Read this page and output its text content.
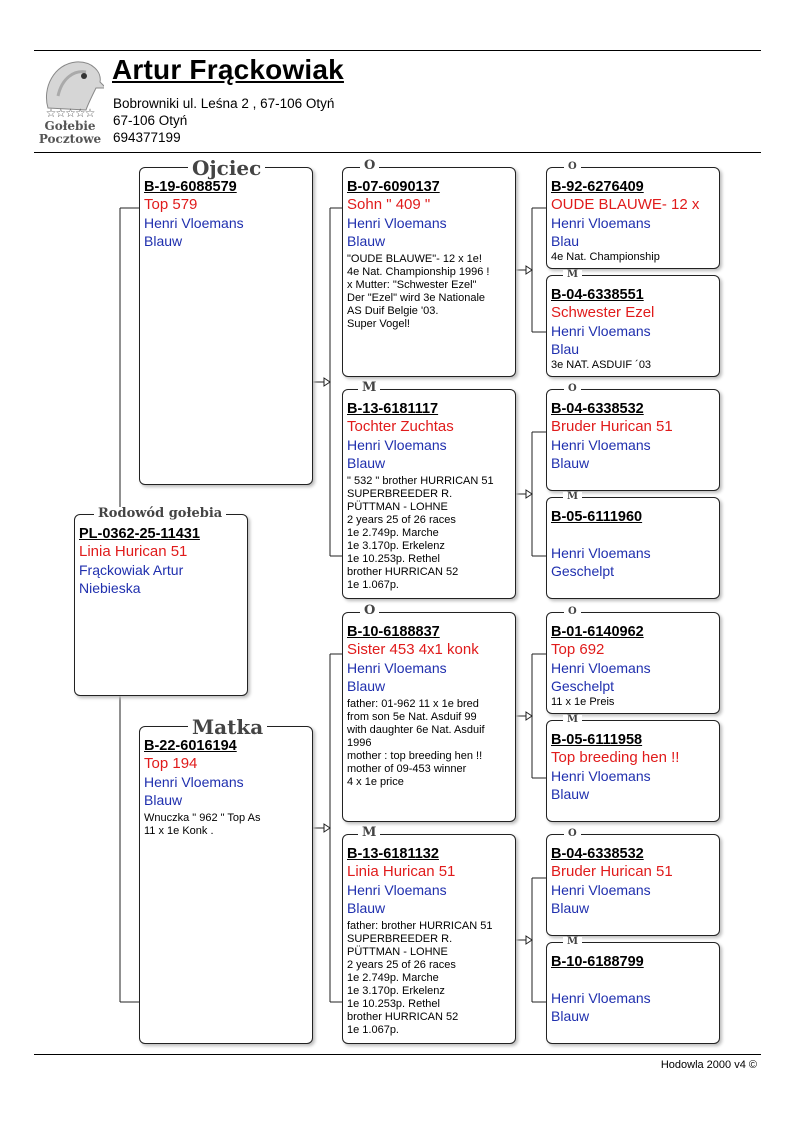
☆☆☆☆☆
Gołebie
Pocztowe
Artur Frąckowiak
Bobrowniki ul. Leśna 2 , 67-106 Otyń
67-106 Otyń
694377199
PL-0362-25-11431
Linia Hurican 51
Frąckowiak Artur
Niebieska
Rodowód gołebia
B-19-6088579
Top 579
Henri Vloemans
Blauw
Ojciec
B-22-6016194
Top 194
Henri Vloemans
Blauw
Wnuczka " 962 " Top As
11 x 1e Konk .
Matka
B-07-6090137
Sohn " 409 "
Henri Vloemans
Blauw
"OUDE BLAUWE"- 12 x 1e!
4e Nat. Championship 1996 !
x Mutter: "Schwester Ezel"
Der "Ezel" wird 3e Nationale
AS Duif Belgie '03.
Super Vogel!
O
B-13-6181117
Tochter Zuchtas
Henri Vloemans
Blauw
" 532 " brother HURRICAN 51
SUPERBREEDER R.
PÜTTMAN - LOHNE
2 years 25 of 26 races
1e 2.749p. Marche
1e 3.170p. Erkelenz
1e 10.253p. Rethel
brother HURRICAN 52
1e 1.067p.
M
B-10-6188837
Sister 453 4x1 konk
Henri Vloemans
Blauw
father: 01-962 11 x 1e bred
from son 5e Nat. Asduif 99
with daughter 6e Nat. Asduif
1996
mother : top breeding hen !!
mother of 09-453 winner
4 x 1e price
O
B-13-6181132
Linia Hurican 51
Henri Vloemans
Blauw
father: brother HURRICAN 51
SUPERBREEDER R.
PÜTTMAN - LOHNE
2 years 25 of 26 races
1e 2.749p. Marche
1e 3.170p. Erkelenz
1e 10.253p. Rethel
brother HURRICAN 52
1e 1.067p.
M
B-92-6276409
OUDE BLAUWE- 12 x
Henri Vloemans
Blau
4e Nat. Championship
O
B-04-6338551
Schwester Ezel
Henri Vloemans
Blau
3e NAT. ASDUIF ´03
M
B-04-6338532
Bruder Hurican 51
Henri Vloemans
Blauw
O
B-05-6111960
Henri Vloemans
Geschelpt
M
B-01-6140962
Top 692
Henri Vloemans
Geschelpt
11 x 1e Preis
O
B-05-6111958
Top breeding hen !!
Henri Vloemans
Blauw
M
B-04-6338532
Bruder Hurican 51
Henri Vloemans
Blauw
O
B-10-6188799
Henri Vloemans
Blauw
M
Hodowla 2000 v4 ©
